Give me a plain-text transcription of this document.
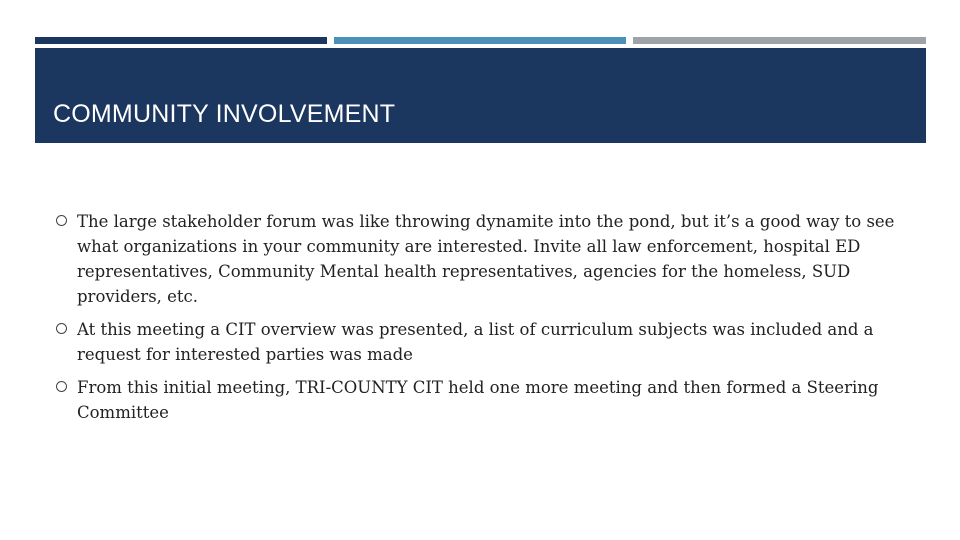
COMMUNITY INVOLVEMENT
The large stakeholder forum was like throwing dynamite into the pond, but it’s a good way to see what organizations in your community are interested. Invite all law enforcement, hospital ED representatives, Community Mental health representatives, agencies for the homeless, SUD providers, etc.
At this meeting a CIT overview was presented, a list of curriculum subjects was included and a request for interested parties was made
From this initial meeting, TRI-COUNTY CIT held one more meeting and then formed a Steering Committee
